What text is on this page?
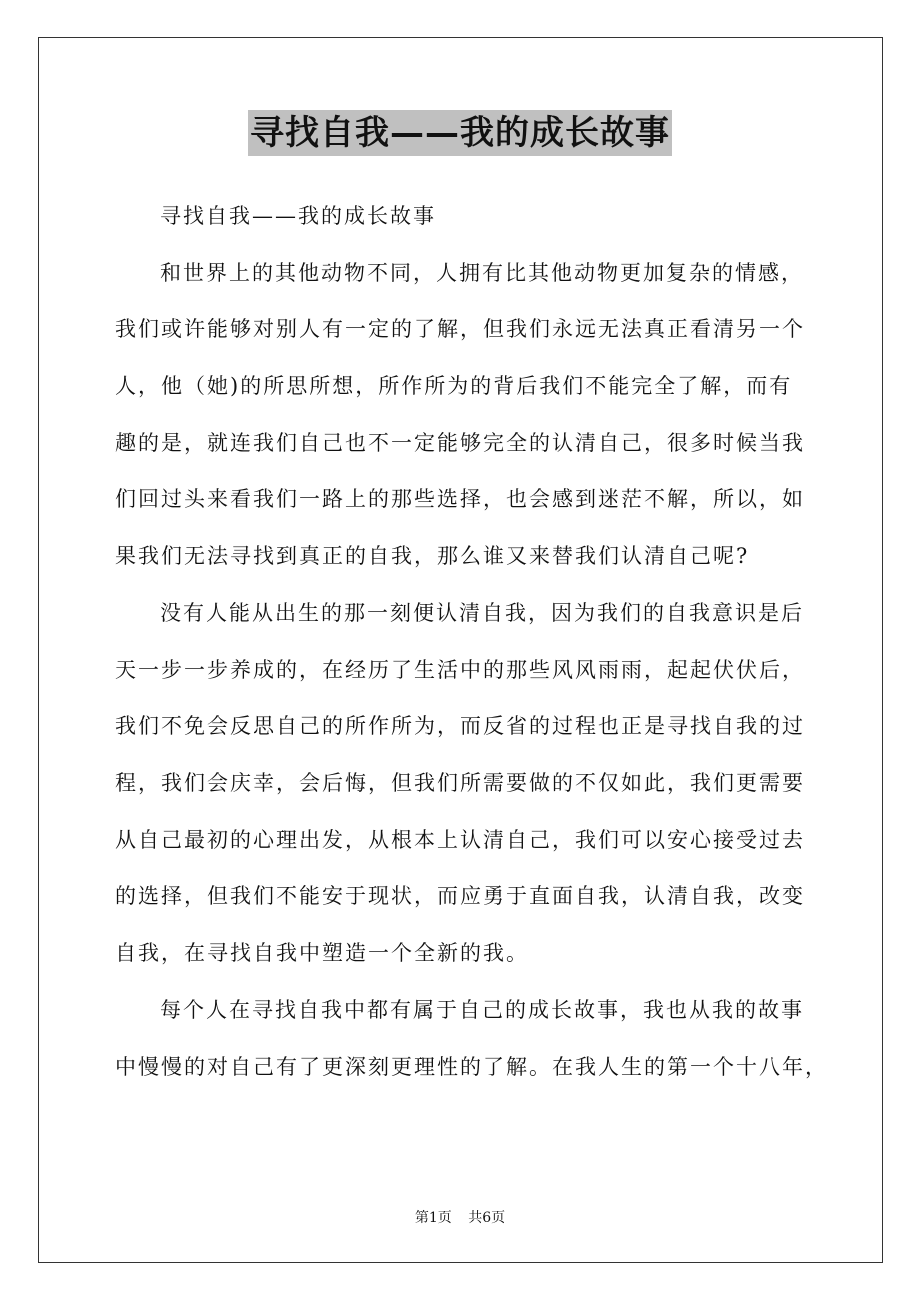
寻找自我——我的成长故事
寻找自我——我的成长故事
和世界上的其他动物不同，人拥有比其他动物更加复杂的情感，
我们或许能够对别人有一定的了解，但我们永远无法真正看清另一个
人，他（她)的所思所想，所作所为的背后我们不能完全了解，而有
趣的是，就连我们自己也不一定能够完全的认清自己，很多时候当我
们回过头来看我们一路上的那些选择，也会感到迷茫不解，所以，如
果我们无法寻找到真正的自我，那么谁又来替我们认清自己呢?
没有人能从出生的那一刻便认清自我，因为我们的自我意识是后
天一步一步养成的，在经历了生活中的那些风风雨雨，起起伏伏后，
我们不免会反思自己的所作所为，而反省的过程也正是寻找自我的过
程，我们会庆幸，会后悔，但我们所需要做的不仅如此，我们更需要
从自己最初的心理出发，从根本上认清自己，我们可以安心接受过去
的选择，但我们不能安于现状，而应勇于直面自我，认清自我，改变
自我，在寻找自我中塑造一个全新的我。
每个人在寻找自我中都有属于自己的成长故事，我也从我的故事
中慢慢的对自己有了更深刻更理性的了解。在我人生的第一个十八年，
第1页 共6页
